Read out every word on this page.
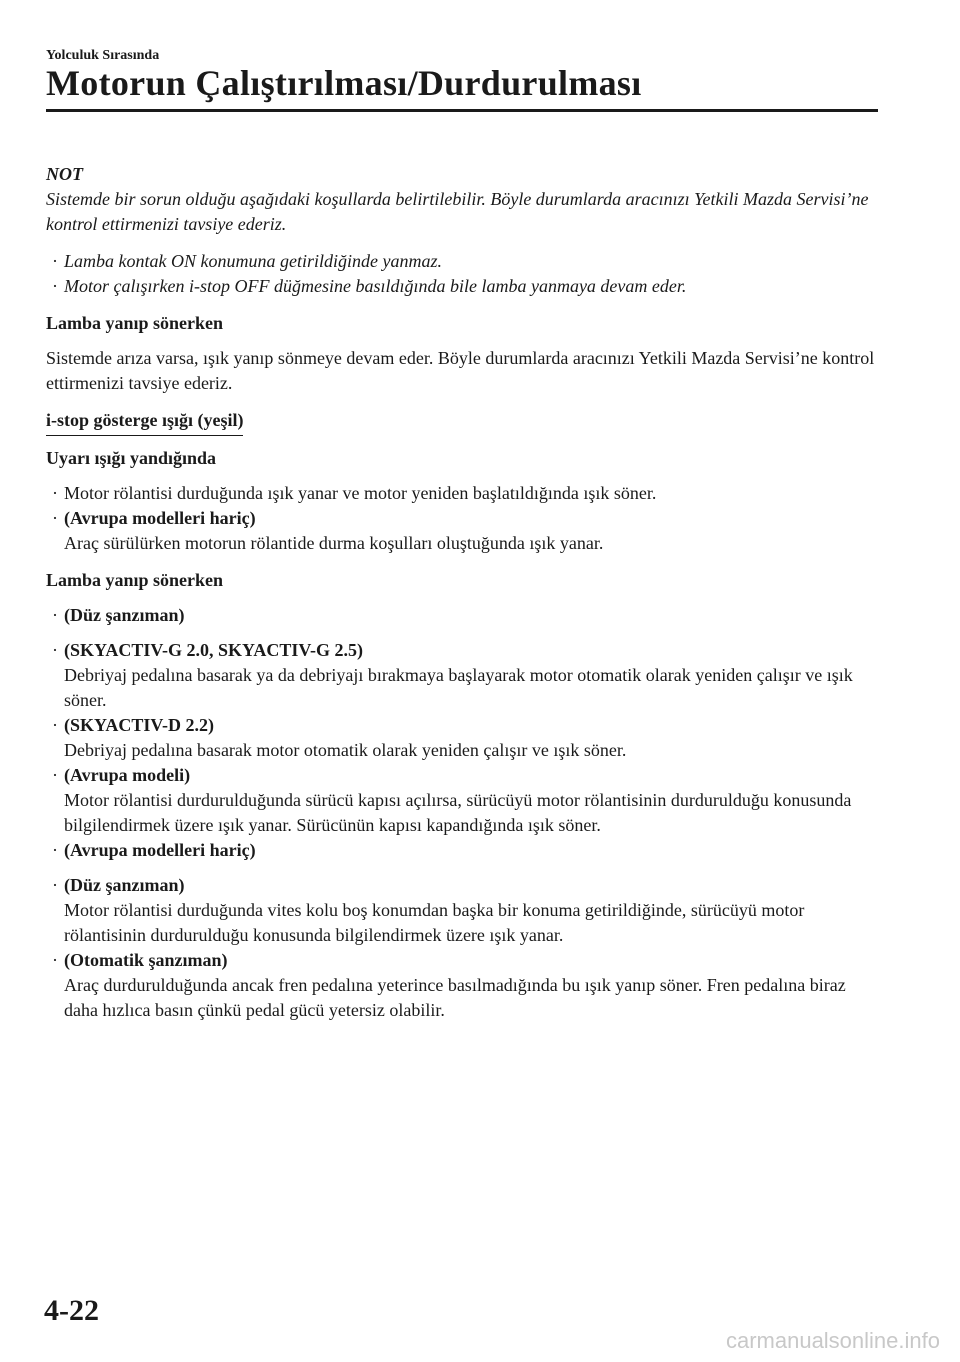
Yolculuk Sırasında
Motorun Çalıştırılması/Durdurulması

NOT

Sistemde bir sorun olduğu aşağıdaki koşullarda belirtilebilir. Böyle durumlarda aracınızı Yetkili Mazda Servisi’ne kontrol ettirmenizi tavsiye ederiz.

· Lamba kontak ON konumuna getirildiğinde yanmaz.

· Motor çalışırken i-stop OFF düğmesine basıldığında bile lamba yanmaya devam eder.

Lamba yanıp sönerken

Sistemde arıza varsa, ışık yanıp sönmeye devam eder. Böyle durumlarda aracınızı Yetkili Mazda Servisi’ne kontrol ettirmenizi tavsiye ederiz.

i-stop gösterge ışığı (yeşil)

Uyarı ışığı yandığında

· Motor rölantisi durduğunda ışık yanar ve motor yeniden başlatıldığında ışık söner.

· (Avrupa modelleri hariç)

Araç sürülürken motorun rölantide durma koşulları oluştuğunda ışık yanar.

Lamba yanıp sönerken

· (Düz şanzıman)

· (SKYACTIV-G 2.0, SKYACTIV-G 2.5)

Debriyaj pedalına basarak ya da debriyajı bırakmaya başlayarak motor otomatik olarak yeniden çalışır ve ışık söner.

· (SKYACTIV-D 2.2)

Debriyaj pedalına basarak motor otomatik olarak yeniden çalışır ve ışık söner.

· (Avrupa modeli)

Motor rölantisi durdurulduğunda sürücü kapısı açılırsa, sürücüyü motor rölantisinin durdurulduğu konusunda bilgilendirmek üzere ışık yanar. Sürücünün kapısı kapandığında ışık söner.

· (Avrupa modelleri hariç)

· (Düz şanzıman)

Motor rölantisi durduğunda vites kolu boş konumdan başka bir konuma getirildiğinde, sürücüyü motor rölantisinin durdurulduğu konusunda bilgilendirmek üzere ışık yanar.

· (Otomatik şanzıman)

Araç durdurulduğunda ancak fren pedalına yeterince basılmadığında bu ışık yanıp söner. Fren pedalına biraz daha hızlıca basın çünkü pedal gücü yetersiz olabilir.

4-22
carmanualsonline.info
